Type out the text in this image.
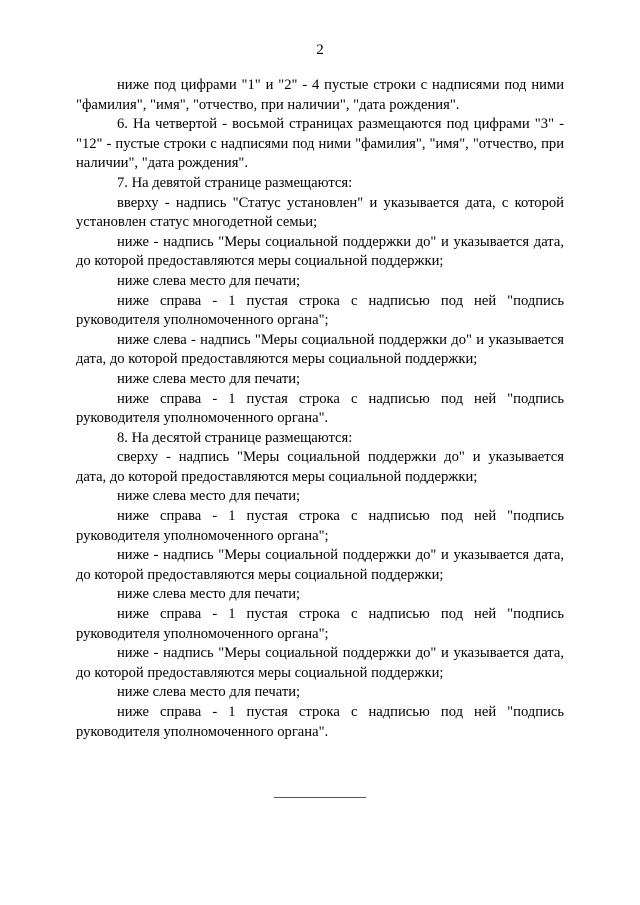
2

ниже под цифрами "1" и "2" - 4 пустые строки с надписями под ними "фамилия", "имя", "отчество, при наличии", "дата рождения".

6. На четвертой - восьмой страницах размещаются под цифрами "3" - "12" - пустые строки с надписями под ними "фамилия", "имя", "отчество, при наличии", "дата рождения".

7. На девятой странице размещаются:

вверху - надпись "Статус установлен" и указывается дата, с которой установлен статус многодетной семьи;

ниже - надпись "Меры социальной поддержки до" и указывается дата, до которой предоставляются меры социальной поддержки;

ниже слева место для печати;

ниже справа - 1 пустая строка с надписью под ней "подпись руководителя уполномоченного органа";

ниже слева - надпись "Меры социальной поддержки до" и указывается дата, до которой предоставляются меры социальной поддержки;

ниже слева место для печати;

ниже справа - 1 пустая строка с надписью под ней "подпись руководителя уполномоченного органа".

8. На десятой странице размещаются:

сверху - надпись "Меры социальной поддержки до" и указывается дата, до которой предоставляются меры социальной поддержки;

ниже слева место для печати;

ниже справа - 1 пустая строка с надписью под ней "подпись руководителя уполномоченного органа";

ниже - надпись "Меры социальной поддержки до" и указывается дата, до которой предоставляются меры социальной поддержки;

ниже слева место для печати;

ниже справа - 1 пустая строка с надписью под ней "подпись руководителя уполномоченного органа";

ниже - надпись "Меры социальной поддержки до" и указывается дата, до которой предоставляются меры социальной поддержки;

ниже слева место для печати;

ниже справа - 1 пустая строка с надписью под ней "подпись руководителя уполномоченного органа".
